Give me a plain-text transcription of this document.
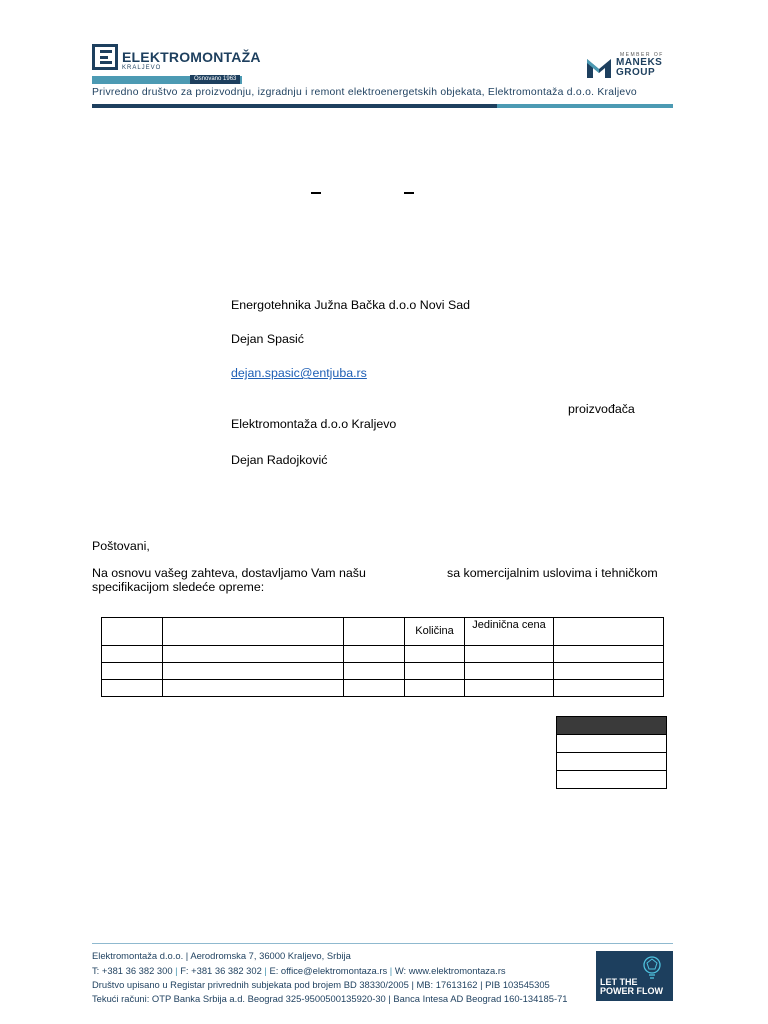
ELEKTROMONTAŽA
KRALJEVO
Osnovano 1963
MEMBER OF
MANEKS
GROUP
Privredno društvo za proizvodnju, izgradnju i remont elektroenergetskih objekata, Elektromontaža d.o.o. Kraljevo
Energotehnika Južna Bačka d.o.o Novi Sad
Dejan Spasić
dejan.spasic@entjuba.rs
proizvođača
Elektromontaža d.o.o Kraljevo
Dejan Radojković
Poštovani,
Na osnovu vašeg zahteva, dostavljamo Vam našu	sa komercijalnim uslovima i tehničkom
specifikacijom sledeće opreme:
			Količina	Jedinična cena	

Elektromontaža d.o.o. | Aerodromska 7, 36000 Kraljevo, Srbija
T: +381 36 382 300 | F: +381 36 382 302 | E: office@elektromontaza.rs | W: www.elektromontaza.rs
Društvo upisano u Registar privrednih subjekata pod brojem BD 38330/2005 | MB: 17613162 | PIB 103545305
Tekući računi: OTP Banka Srbija a.d. Beograd 325-9500500135920-30 | Banca Intesa AD Beograd 160-134185-71
LET THE
POWER FLOW
